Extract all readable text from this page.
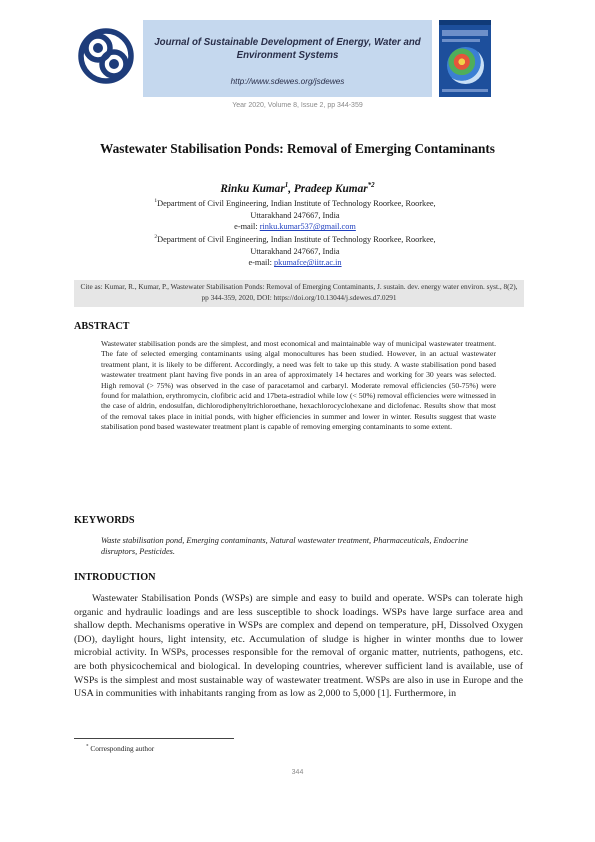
Journal of Sustainable Development of Energy, Water and Environment Systems
http://www.sdewes.org/jsdewes
Year 2020, Volume 8, Issue 2, pp 344-359
Wastewater Stabilisation Ponds: Removal of Emerging Contaminants
Rinku Kumar$^1$, Pradeep Kumar$^{*2}$
$^1$Department of Civil Engineering, Indian Institute of Technology Roorkee, Roorkee,
Uttarakhand 247667, India
e-mail: rinku.kumar537@gmail.com
$^2$Department of Civil Engineering, Indian Institute of Technology Roorkee, Roorkee,
Uttarakhand 247667, India
e-mail: pkumafce@iitr.ac.in
Cite as: Kumar, R., Kumar, P., Wastewater Stabilisation Ponds: Removal of Emerging Contaminants, J. sustain. dev. energy water environ. syst., 8(2), pp 344-359, 2020, DOI: https://doi.org/10.13044/j.sdewes.d7.0291
ABSTRACT
Wastewater stabilisation ponds are the simplest, and most economical and maintainable way of municipal wastewater treatment. The fate of selected emerging contaminants using algal monocultures has been studied. However, in an actual wastewater treatment plant, it is likely to be different. Accordingly, a need was felt to take up this study. A waste stabilisation pond based wastewater treatment plant having five ponds in an area of approximately 14 hectares and working for 30 years was selected. High removal (> 75%) was observed in the case of paracetamol and carbaryl. Moderate removal efficiencies (50-75%) were found for malathion, erythromycin, clofibric acid and 17beta-estradiol while low (< 50%) removal efficiencies were witnessed in the case of aldrin, endosulfan, dichlorodiphenyltrichloroethane, hexachlorocyclohexane and diclofenac. Results show that most of the removal takes place in initial ponds, with higher efficiencies in summer and lower in winter. Results suggest that waste stabilisation pond based wastewater treatment plant is capable of removing emerging contaminants to some extent.
KEYWORDS
Waste stabilisation pond, Emerging contaminants, Natural wastewater treatment, Pharmaceuticals, Endocrine disruptors, Pesticides.
INTRODUCTION
Wastewater Stabilisation Ponds (WSPs) are simple and easy to build and operate. WSPs can tolerate high organic and hydraulic loadings and are less susceptible to shock loadings. WSPs have large surface area and shallow depth. Mechanisms operative in WSPs are complex and depend on temperature, pH, Dissolved Oxygen (DO), daylight hours, light intensity, etc. Accumulation of sludge is higher in winter months due to lower microbial activity. In WSPs, processes responsible for the removal of organic matter, nutrients, pathogens, etc. are both physicochemical and biological. In developing countries, wherever sufficient land is available, use of WSPs is the simplest and most sustainable way of wastewater treatment. WSPs are also in use in Europe and the USA in communities with inhabitants ranging from as low as 2,000 to 5,000 [1]. Furthermore, in
* Corresponding author
344
